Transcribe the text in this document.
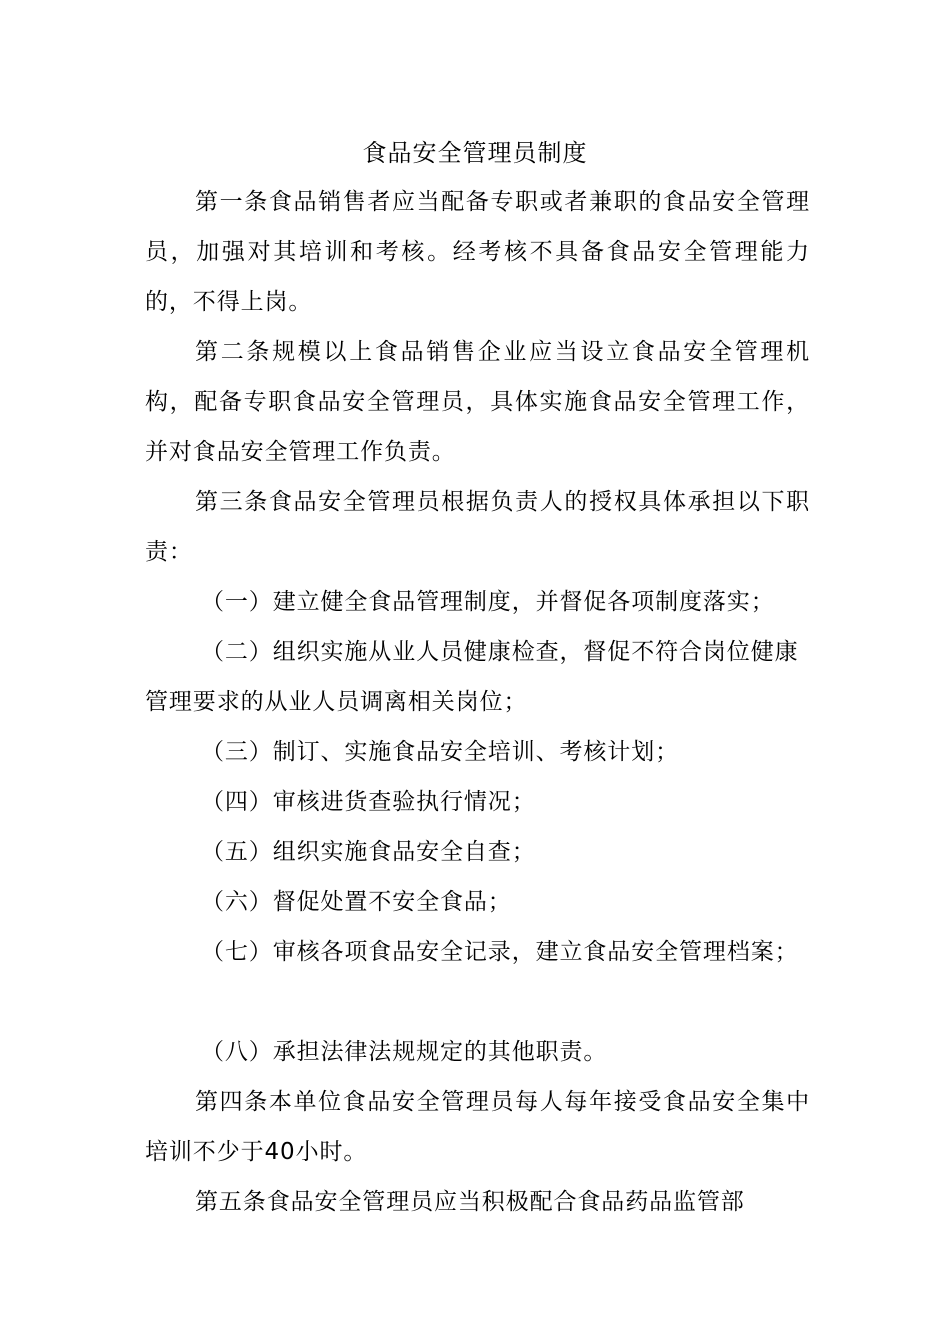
食品安全管理员制度

第一条食品销售者应当配备专职或者兼职的食品安全管理员，加强对其培训和考核。经考核不具备食品安全管理能力的，不得上岗。

第二条规模以上食品销售企业应当设立食品安全管理机构，配备专职食品安全管理员，具体实施食品安全管理工作，并对食品安全管理工作负责。

第三条食品安全管理员根据负责人的授权具体承担以下职责：

（一）建立健全食品管理制度，并督促各项制度落实；

（二）组织实施从业人员健康检查，督促不符合岗位健康管理要求的从业人员调离相关岗位；

（三）制订、实施食品安全培训、考核计划；

（四）审核进货查验执行情况；

（五）组织实施食品安全自查；

（六）督促处置不安全食品；

（七）审核各项食品安全记录，建立食品安全管理档案；

（八）承担法律法规规定的其他职责。

第四条本单位食品安全管理员每人每年接受食品安全集中培训不少于40小时。

第五条食品安全管理员应当积极配合食品药品监管部
